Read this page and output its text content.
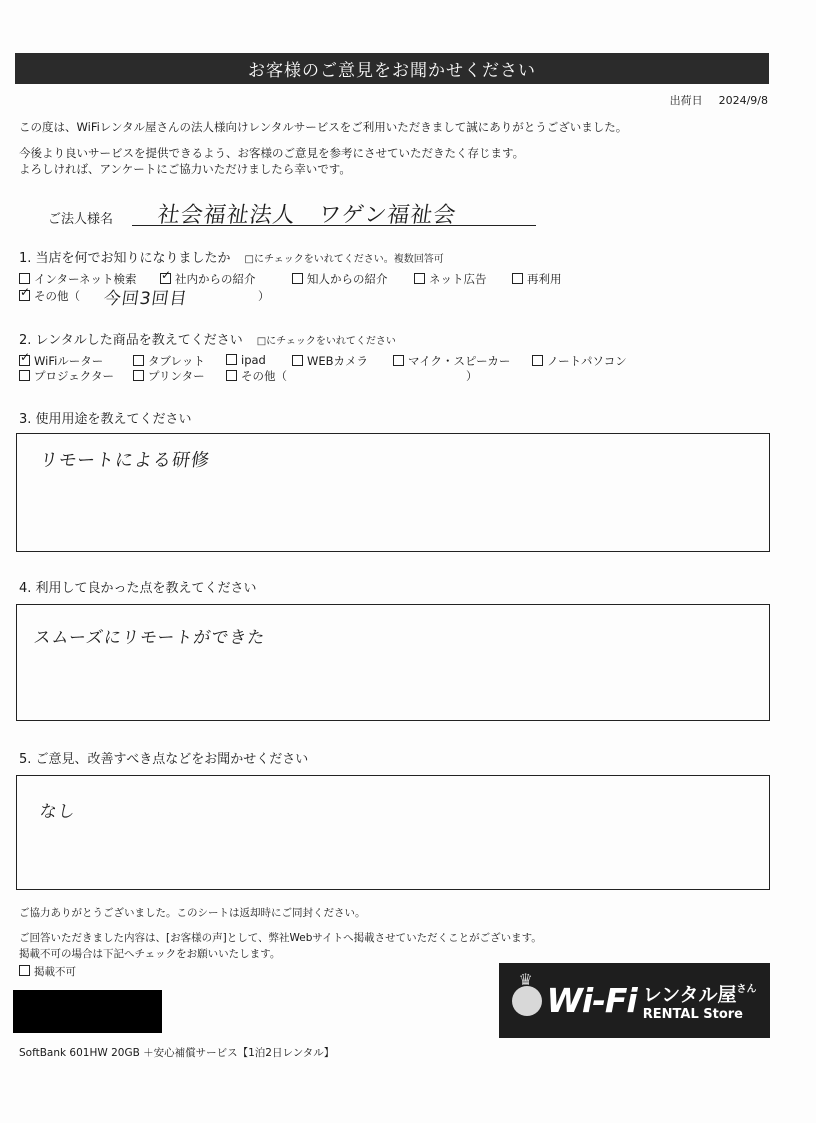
お客様のご意見をお聞かせください
出荷日 2024/9/8
この度は、WiFiレンタル屋さんの法人様向けレンタルサービスをご利用いただきまして誠にありがとうございました。
今後より良いサービスを提供できるよう、お客様のご意見を参考にさせていただきたく存じます。
よろしければ、アンケートにご協力いただけましたら幸いです。
ご法人様名 社会福祉法人　ワゲン福祉会
1. 当店を何でお知りになりましたか □にチェックをいれてください。複数回答可
インターネット検索
✓	社内からの紹介	知人からの紹介	ネット広告	再利用
✓その他（ 今回3回目	）
2. レンタルした商品を教えてください □にチェックをいれてください
✓WiFiルーター	タブレット	ipad	WEBカメラ	マイク・スピーカー	ノートパソコン
プロジェクター	プリンター	その他（	）
3. 使用用途を教えてください
リモートによる研修
4. 利用して良かった点を教えてください
スムーズにリモートができた
5. ご意見、改善すべき点などをお聞かせください
なし
ご協力ありがとうございました。このシートは返却時にご同封ください。
ご回答いただきました内容は、[お客様の声]として、弊社Webサイトへ掲載させていただくことがございます。
掲載不可の場合は下記へチェックをお願いいたします。
掲載不可
♛
Wi-Fi レンタル屋$^{さん}$
RENTAL Store
SoftBank 601HW 20GB ＋安心補償サービス【1泊2日レンタル】
